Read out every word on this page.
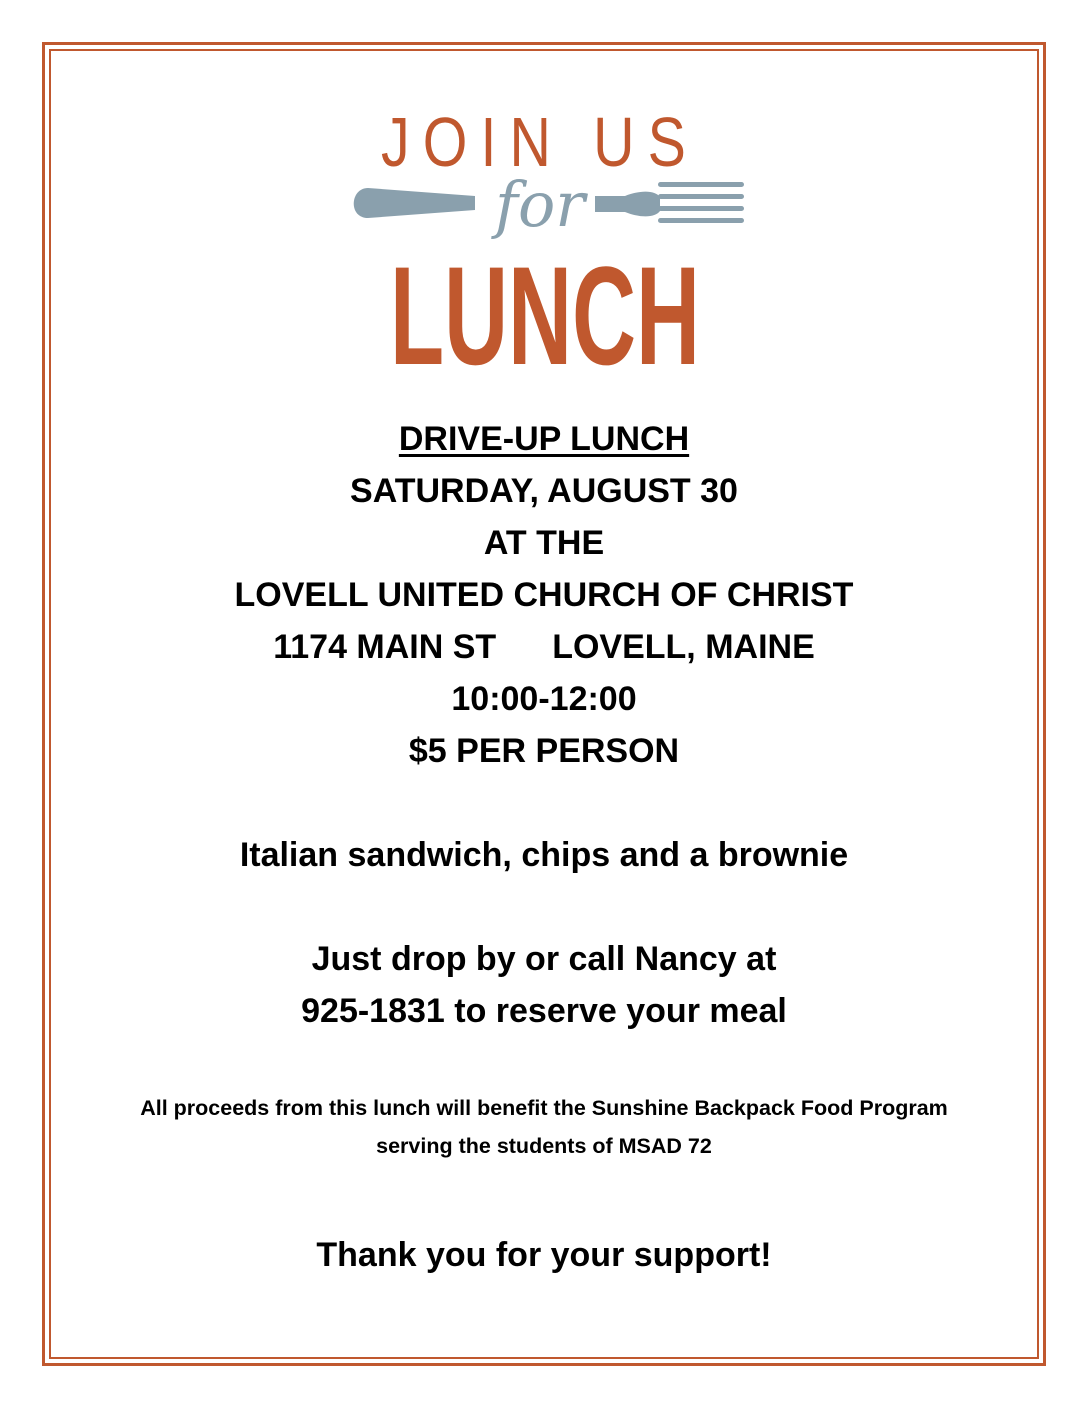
JOIN US
for
LUNCH
DRIVE-UP LUNCH
SATURDAY, AUGUST 30
AT THE
LOVELL UNITED CHURCH OF CHRIST
1174 MAIN ST LOVELL, MAINE
10:00-12:00
$5 PER PERSON
Italian sandwich, chips and a brownie
Just drop by or call Nancy at
925-1831 to reserve your meal
All proceeds from this lunch will benefit the Sunshine Backpack Food Program
serving the students of MSAD 72
Thank you for your support!
